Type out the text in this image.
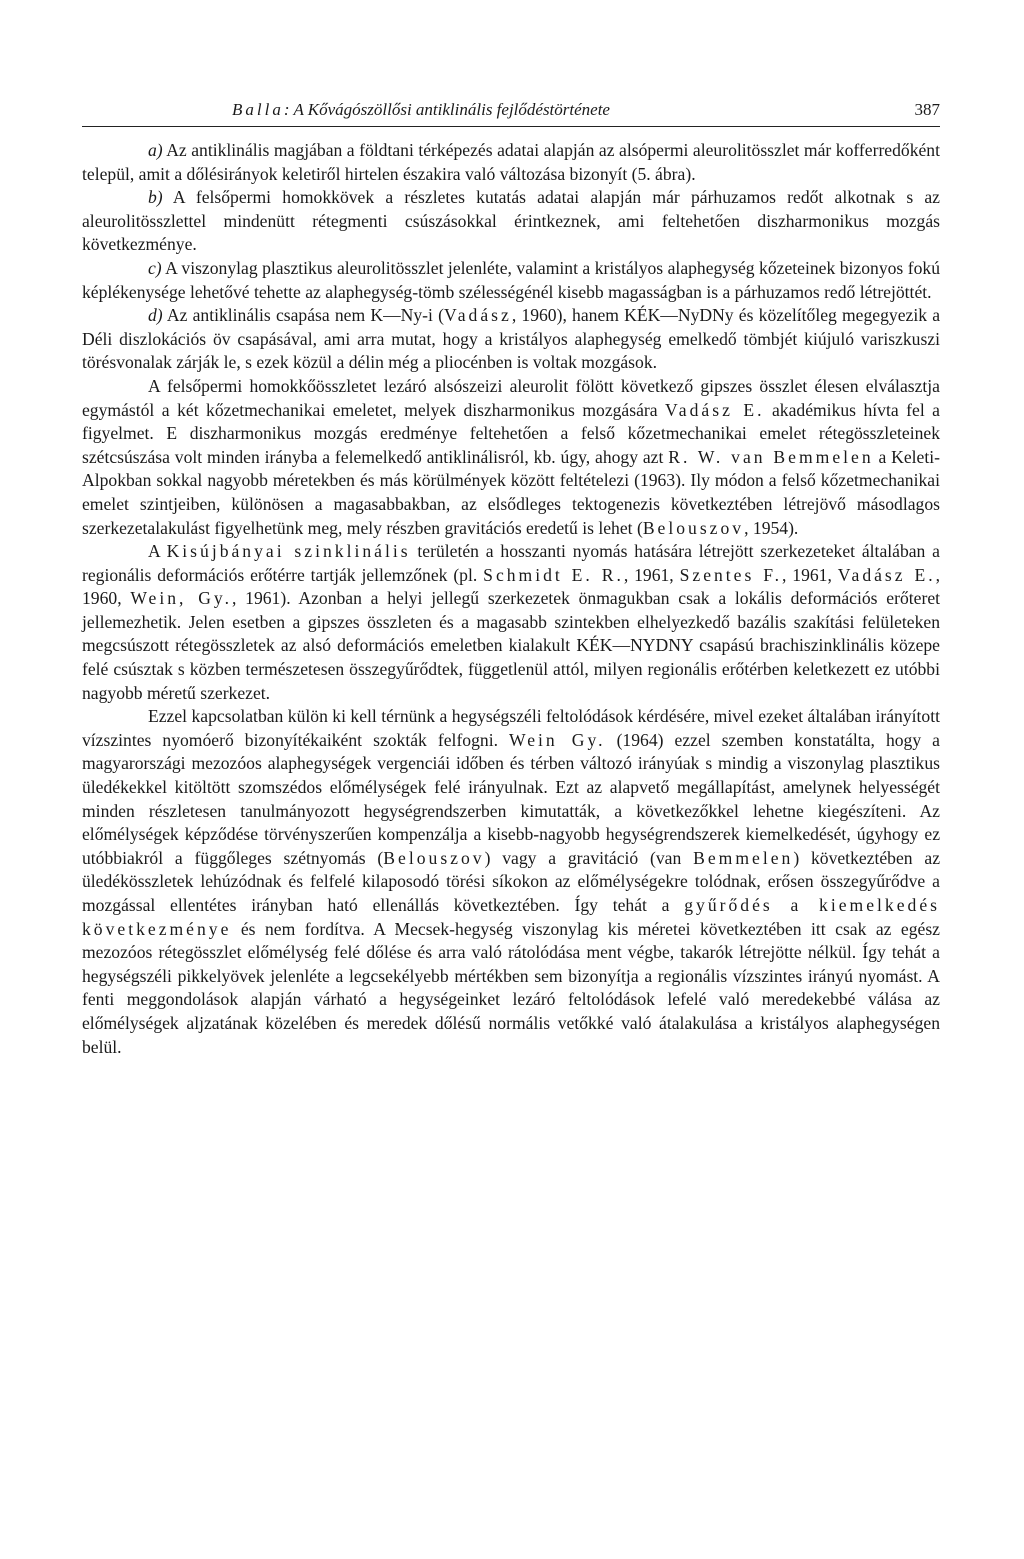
Balla: A Kővágószöllősi antiklinális fejlődéstörténete	387

a) Az antiklinális magjában a földtani térképezés adatai alapján az alsópermi aleurolitösszlet már kofferredőként települ, amit a dőlésirányok keletiről hirtelen északira való változása bizonyít (5. ábra).

b) A felsőpermi homokkövek a részletes kutatás adatai alapján már párhuzamos redőt alkotnak s az aleurolitösszlettel mindenütt rétegmenti csúszásokkal érintkeznek, ami feltehetően diszharmonikus mozgás következménye.

c) A viszonylag plasztikus aleurolitösszlet jelenléte, valamint a kristályos alaphegység kőzeteinek bizonyos fokú képlékenysége lehetővé tehette az alaphegység-tömb szélességénél kisebb magasságban is a párhuzamos redő létrejöttét.

d) Az antiklinális csapása nem K—Ny-i (Vadász, 1960), hanem KÉK—NyDNy és közelítőleg megegyezik a Déli diszlokációs öv csapásával, ami arra mutat, hogy a kristályos alaphegység emelkedő tömbjét kiújuló variszkuszi törésvonalak zárják le, s ezek közül a délin még a pliocénben is voltak mozgások.

A felsőpermi homokkőösszletet lezáró alsószeizi aleurolit fölött következő gipszes összlet élesen elválasztja egymástól a két kőzetmechanikai emeletet, melyek diszharmonikus mozgására Vadász E. akadémikus hívta fel a figyelmet. E diszharmonikus mozgás eredménye feltehetően a felső kőzetmechanikai emelet rétegösszleteinek szétcsúszása volt minden irányba a felemelkedő antiklinálisról, kb. úgy, ahogy azt R. W. van Bemmelen a Keleti-Alpokban sokkal nagyobb méretekben és más körülmények között feltételezi (1963). Ily módon a felső kőzetmechanikai emelet szintjeiben, különösen a magasabbakban, az elsődleges tektogenezis következtében létrejövő másodlagos szerkezetalakulást figyelhetünk meg, mely részben gravitációs eredetű is lehet (Belouszov, 1954).

A Kisújbányai szinklinális területén a hosszanti nyomás hatására létrejött szerkezeteket általában a regionális deformációs erőtérre tartják jellemzőnek (pl. Schmidt E. R., 1961, Szentes F., 1961, Vadász E., 1960, Wein, Gy., 1961). Azonban a helyi jellegű szerkezetek önmagukban csak a lokális deformációs erőteret jellemezhetik. Jelen esetben a gipszes összleten és a magasabb szintekben elhelyezkedő bazális szakítási felületeken megcsúszott rétegösszletek az alsó deformációs emeletben kialakult KÉK—NYDNY csapású brachiszinklinális közepe felé csúsztak s közben természetesen összegyűrődtek, függetlenül attól, milyen regionális erőtérben keletkezett ez utóbbi nagyobb méretű szerkezet.

Ezzel kapcsolatban külön ki kell térnünk a hegységszéli feltolódások kérdésére, mivel ezeket általában irányított vízszintes nyomóerő bizonyítékaiként szokták felfogni. Wein Gy. (1964) ezzel szemben konstatálta, hogy a magyarországi mezozóos alaphegységek vergenciái időben és térben változó irányúak s mindig a viszonylag plasztikus üledékekkel kitöltött szomszédos előmélységek felé irányulnak. Ezt az alapvető megállapítást, amelynek helyességét minden részletesen tanulmányozott hegységrendszerben kimutatták, a következőkkel lehetne kiegészíteni. Az előmélységek képződése törvényszerűen kompenzálja a kisebb-nagyobb hegységrendszerek kiemelkedését, úgyhogy ez utóbbiakról a függőleges szétnyomás (Belouszov) vagy a gravitáció (van Bemmelen) következtében az üledékösszletek lehúzódnak és felfelé kilaposodó törési síkokon az előmélységekre tolódnak, erősen összegyűrődve a mozgással ellentétes irányban ható ellenállás következtében. Így tehát a gyűrődés a kiemelkedés következménye és nem fordítva. A Mecsek-hegység viszonylag kis méretei következtében itt csak az egész mezozóos rétegösszlet előmélység felé dőlése és arra való rátolódása ment végbe, takarók létrejötte nélkül. Így tehát a hegységszéli pikkelyövek jelenléte a legcsekélyebb mértékben sem bizonyítja a regionális vízszintes irányú nyomást. A fenti meggondolások alapján várható a hegységeinket lezáró feltolódások lefelé való meredekebbé válása az előmélységek aljzatának közelében és meredek dőlésű normális vetőkké való átalakulása a kristályos alaphegységen belül.
